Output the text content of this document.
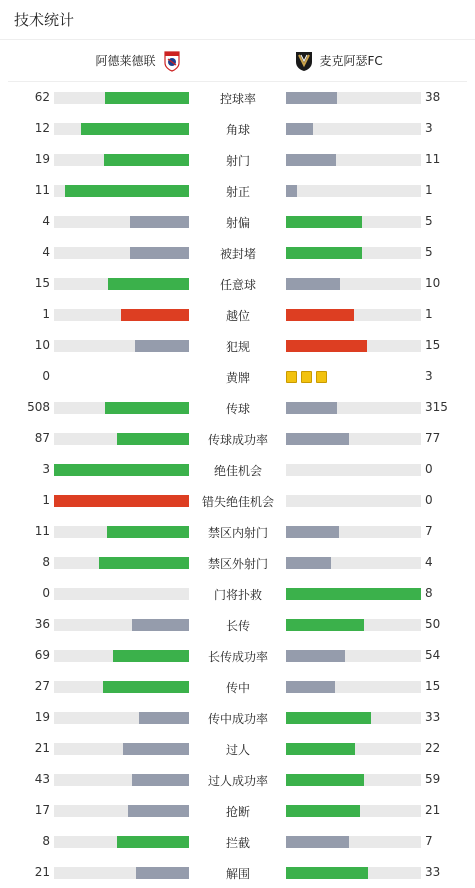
技术统计
阿德莱德联	麦克阿瑟FC
62	控球率	38
12	角球	3
19	射门	11
11	射正	1
4	射偏	5
4	被封堵	5
15	任意球	10
1	越位	1
10	犯规	15
0	黄牌	3
508	传球	315
87	传球成功率	77
3	绝佳机会	0
1	错失绝佳机会	0
11	禁区内射门	7
8	禁区外射门	4
0	门将扑救	8
36	长传	50
69	长传成功率	54
27	传中	15
19	传中成功率	33
21	过人	22
43	过人成功率	59
17	抢断	21
8	拦截	7
21	解围	33
